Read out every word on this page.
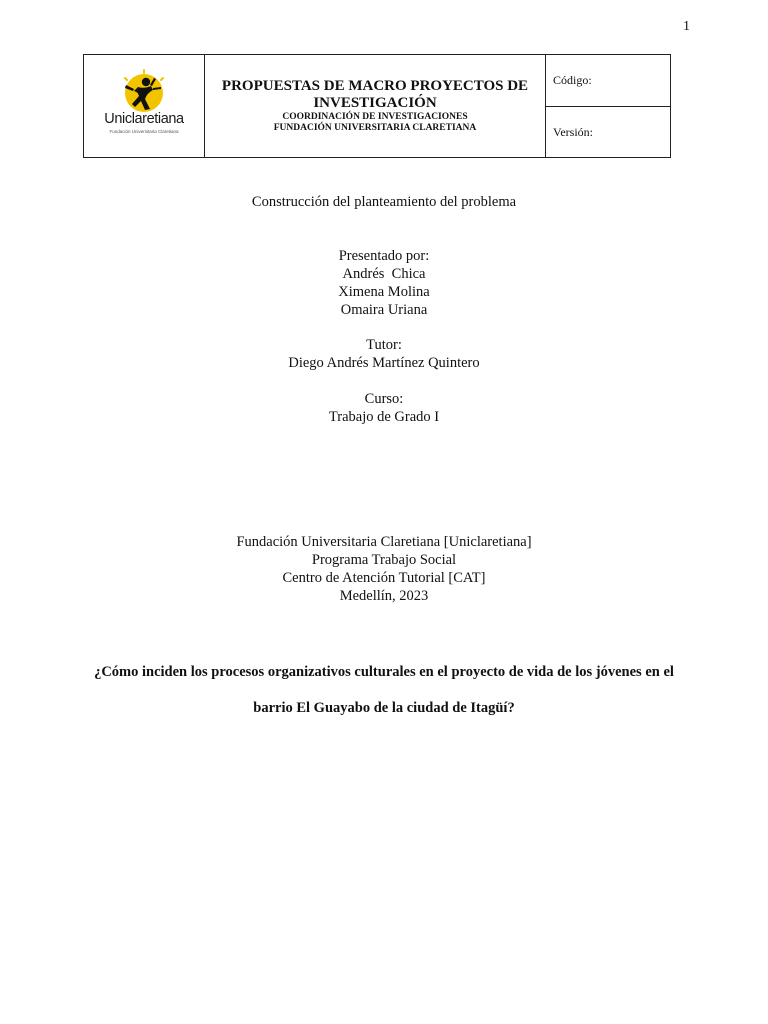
1
Uniclaretiana
Fundación Universitaria Claretiana

PROPUESTAS DE MACRO PROYECTOS DE INVESTIGACIÓN
COORDINACIÓN DE INVESTIGACIONES
FUNDACIÓN UNIVERSITARIA CLARETIANA

Código:

Versión:
Construcción del planteamiento del problema
Presentado por:
Andrés  Chica
Ximena Molina
Omaira Uriana
Tutor:
Diego Andrés Martínez Quintero
Curso:
Trabajo de Grado I
Fundación Universitaria Claretiana [Uniclaretiana]
Programa Trabajo Social
Centro de Atención Tutorial [CAT]
Medellín, 2023
¿Cómo inciden los procesos organizativos culturales en el proyecto de vida de los jóvenes en el
barrio El Guayabo de la ciudad de Itagüí?
